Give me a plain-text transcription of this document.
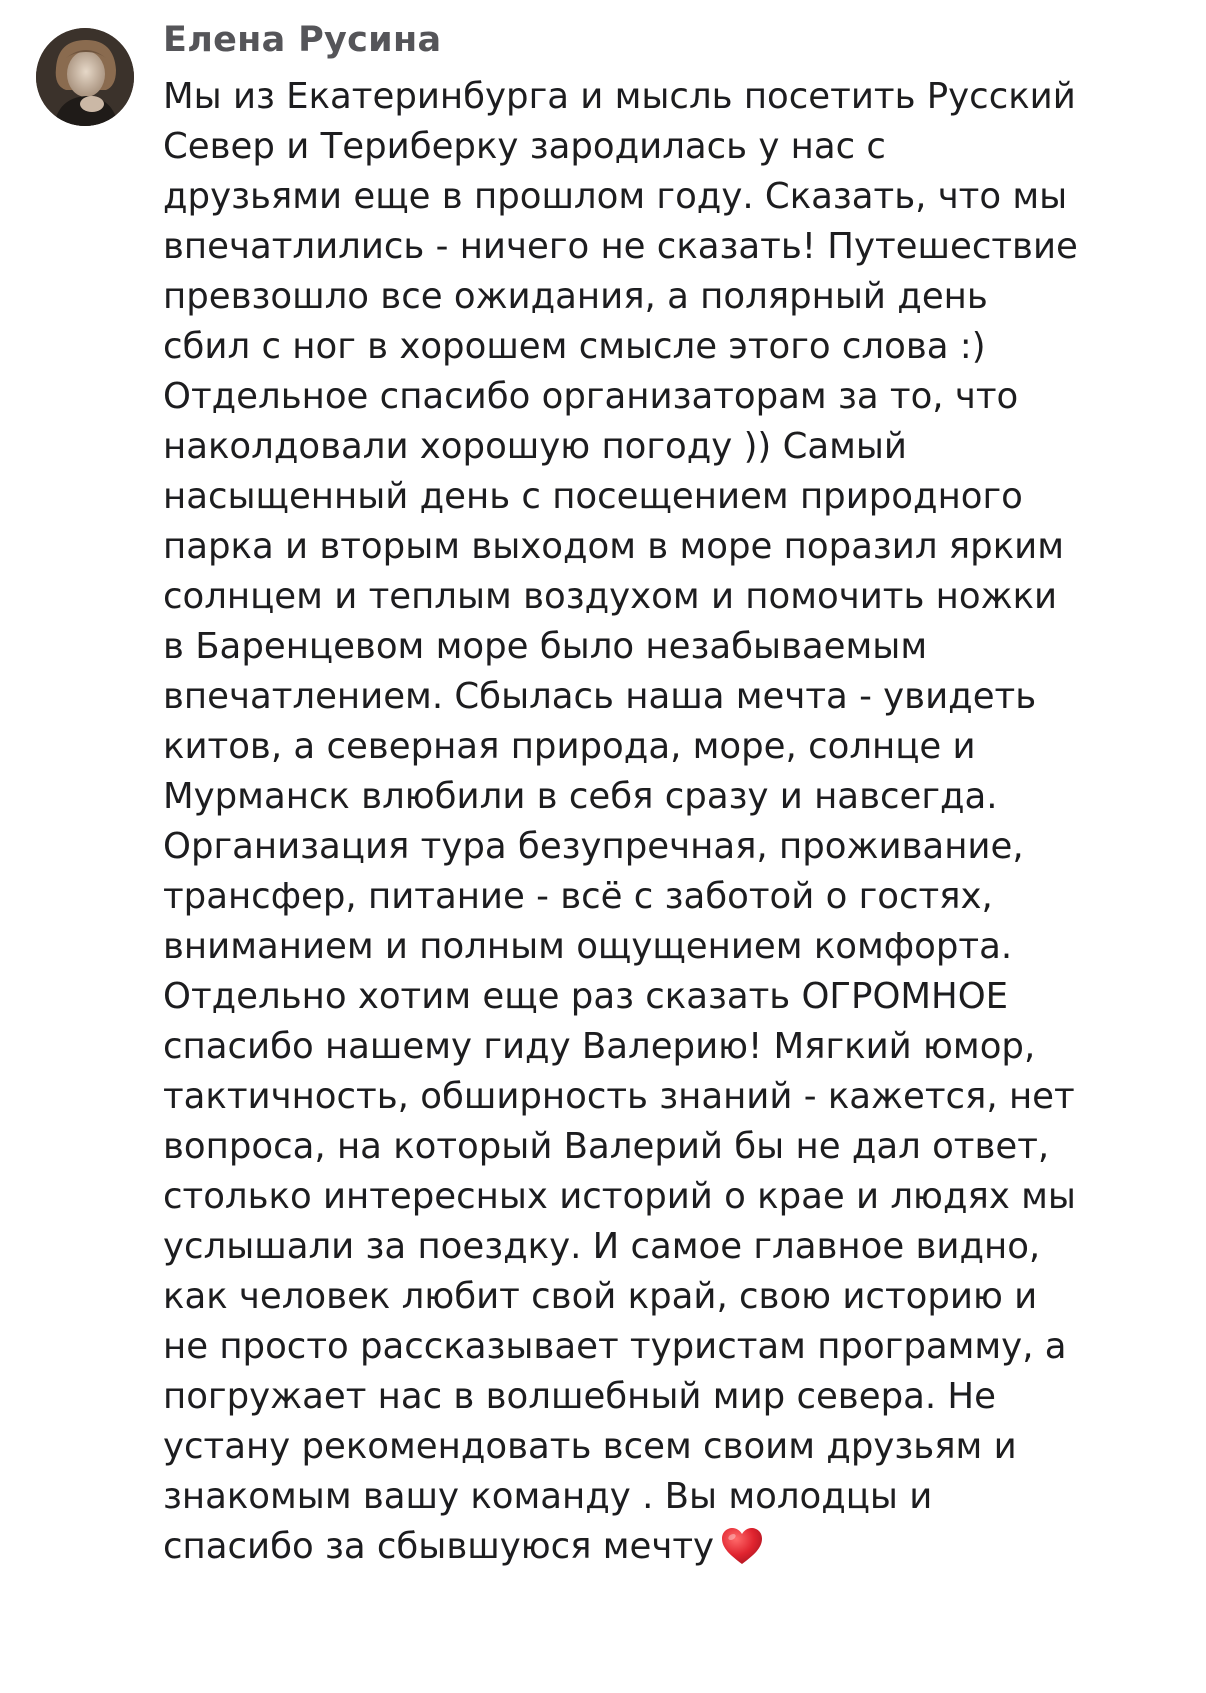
Елена Русина
Мы из Екатеринбурга и мысль посетить Русский
Север и Териберку зародилась у нас с
друзьями еще в прошлом году. Сказать, что мы
впечатлились - ничего не сказать! Путешествие
превзошло все ожидания, а полярный день
сбил с ног в хорошем смысле этого слова :)
Отдельное спасибо организаторам за то, что
наколдовали хорошую погоду )) Самый
насыщенный день с посещением природного
парка и вторым выходом в море поразил ярким
солнцем и теплым воздухом и помочить ножки
в Баренцевом море было незабываемым
впечатлением. Сбылась наша мечта - увидеть
китов, а северная природа, море, солнце и
Мурманск влюбили в себя сразу и навсегда.
Организация тура безупречная, проживание,
трансфер, питание - всё с заботой о гостях,
вниманием и полным ощущением комфорта.
Отдельно хотим еще раз сказать ОГРОМНОЕ
спасибо нашему гиду Валерию! Мягкий юмор,
тактичность, обширность знаний - кажется, нет
вопроса, на который Валерий бы не дал ответ,
столько интересных историй о крае и людях мы
услышали за поездку. И самое главное видно,
как человек любит свой край, свою историю и
не просто рассказывает туристам программу, а
погружает нас в волшебный мир севера. Не
устану рекомендовать всем своим друзьям и
знакомым вашу команду . Вы молодцы и
спасибо за сбывшуюся мечту
